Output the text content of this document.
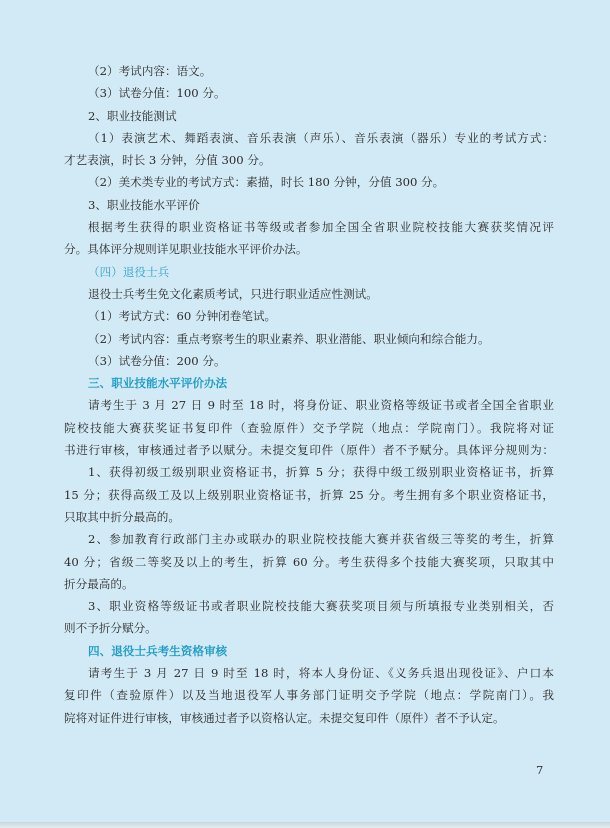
（2）考试内容：语文。
（3）试卷分值：100 分。
2、职业技能测试
（1）表演艺术、舞蹈表演、音乐表演（声乐）、音乐表演（器乐）专业的考试方式：
才艺表演，时长 3 分钟，分值 300 分。
（2）美术类专业的考试方式：素描，时长 180 分钟，分值 300 分。
3、职业技能水平评价
根据考生获得的职业资格证书等级或者参加全国全省职业院校技能大赛获奖情况评
分。具体评分规则详见职业技能水平评价办法。
（四）退役士兵
退役士兵考生免文化素质考试，只进行职业适应性测试。
（1）考试方式：60 分钟闭卷笔试。
（2）考试内容：重点考察考生的职业素养、职业潜能、职业倾向和综合能力。
（3）试卷分值：200 分。
三、职业技能水平评价办法
请考生于 3 月 27 日 9 时至 18 时，将身份证、职业资格等级证书或者全国全省职业
院校技能大赛获奖证书复印件（查验原件）交予学院（地点：学院南门）。我院将对证
书进行审核，审核通过者予以赋分。未提交复印件（原件）者不予赋分。具体评分规则为：
1、获得初级工级别职业资格证书，折算 5 分；获得中级工级别职业资格证书，折算
15 分；获得高级工及以上级别职业资格证书，折算 25 分。考生拥有多个职业资格证书，
只取其中折分最高的。
2、参加教育行政部门主办或联办的职业院校技能大赛并获省级三等奖的考生，折算
40 分；省级二等奖及以上的考生，折算 60 分。考生获得多个技能大赛奖项，只取其中
折分最高的。
3、职业资格等级证书或者职业院校技能大赛获奖项目须与所填报专业类别相关，否
则不予折分赋分。
四、退役士兵考生资格审核
请考生于 3 月 27 日 9 时至 18 时，将本人身份证、《义务兵退出现役证》、户口本
复印件（查验原件）以及当地退役军人事务部门证明交予学院（地点：学院南门）。我
院将对证件进行审核，审核通过者予以资格认定。未提交复印件（原件）者不予认定。
7
